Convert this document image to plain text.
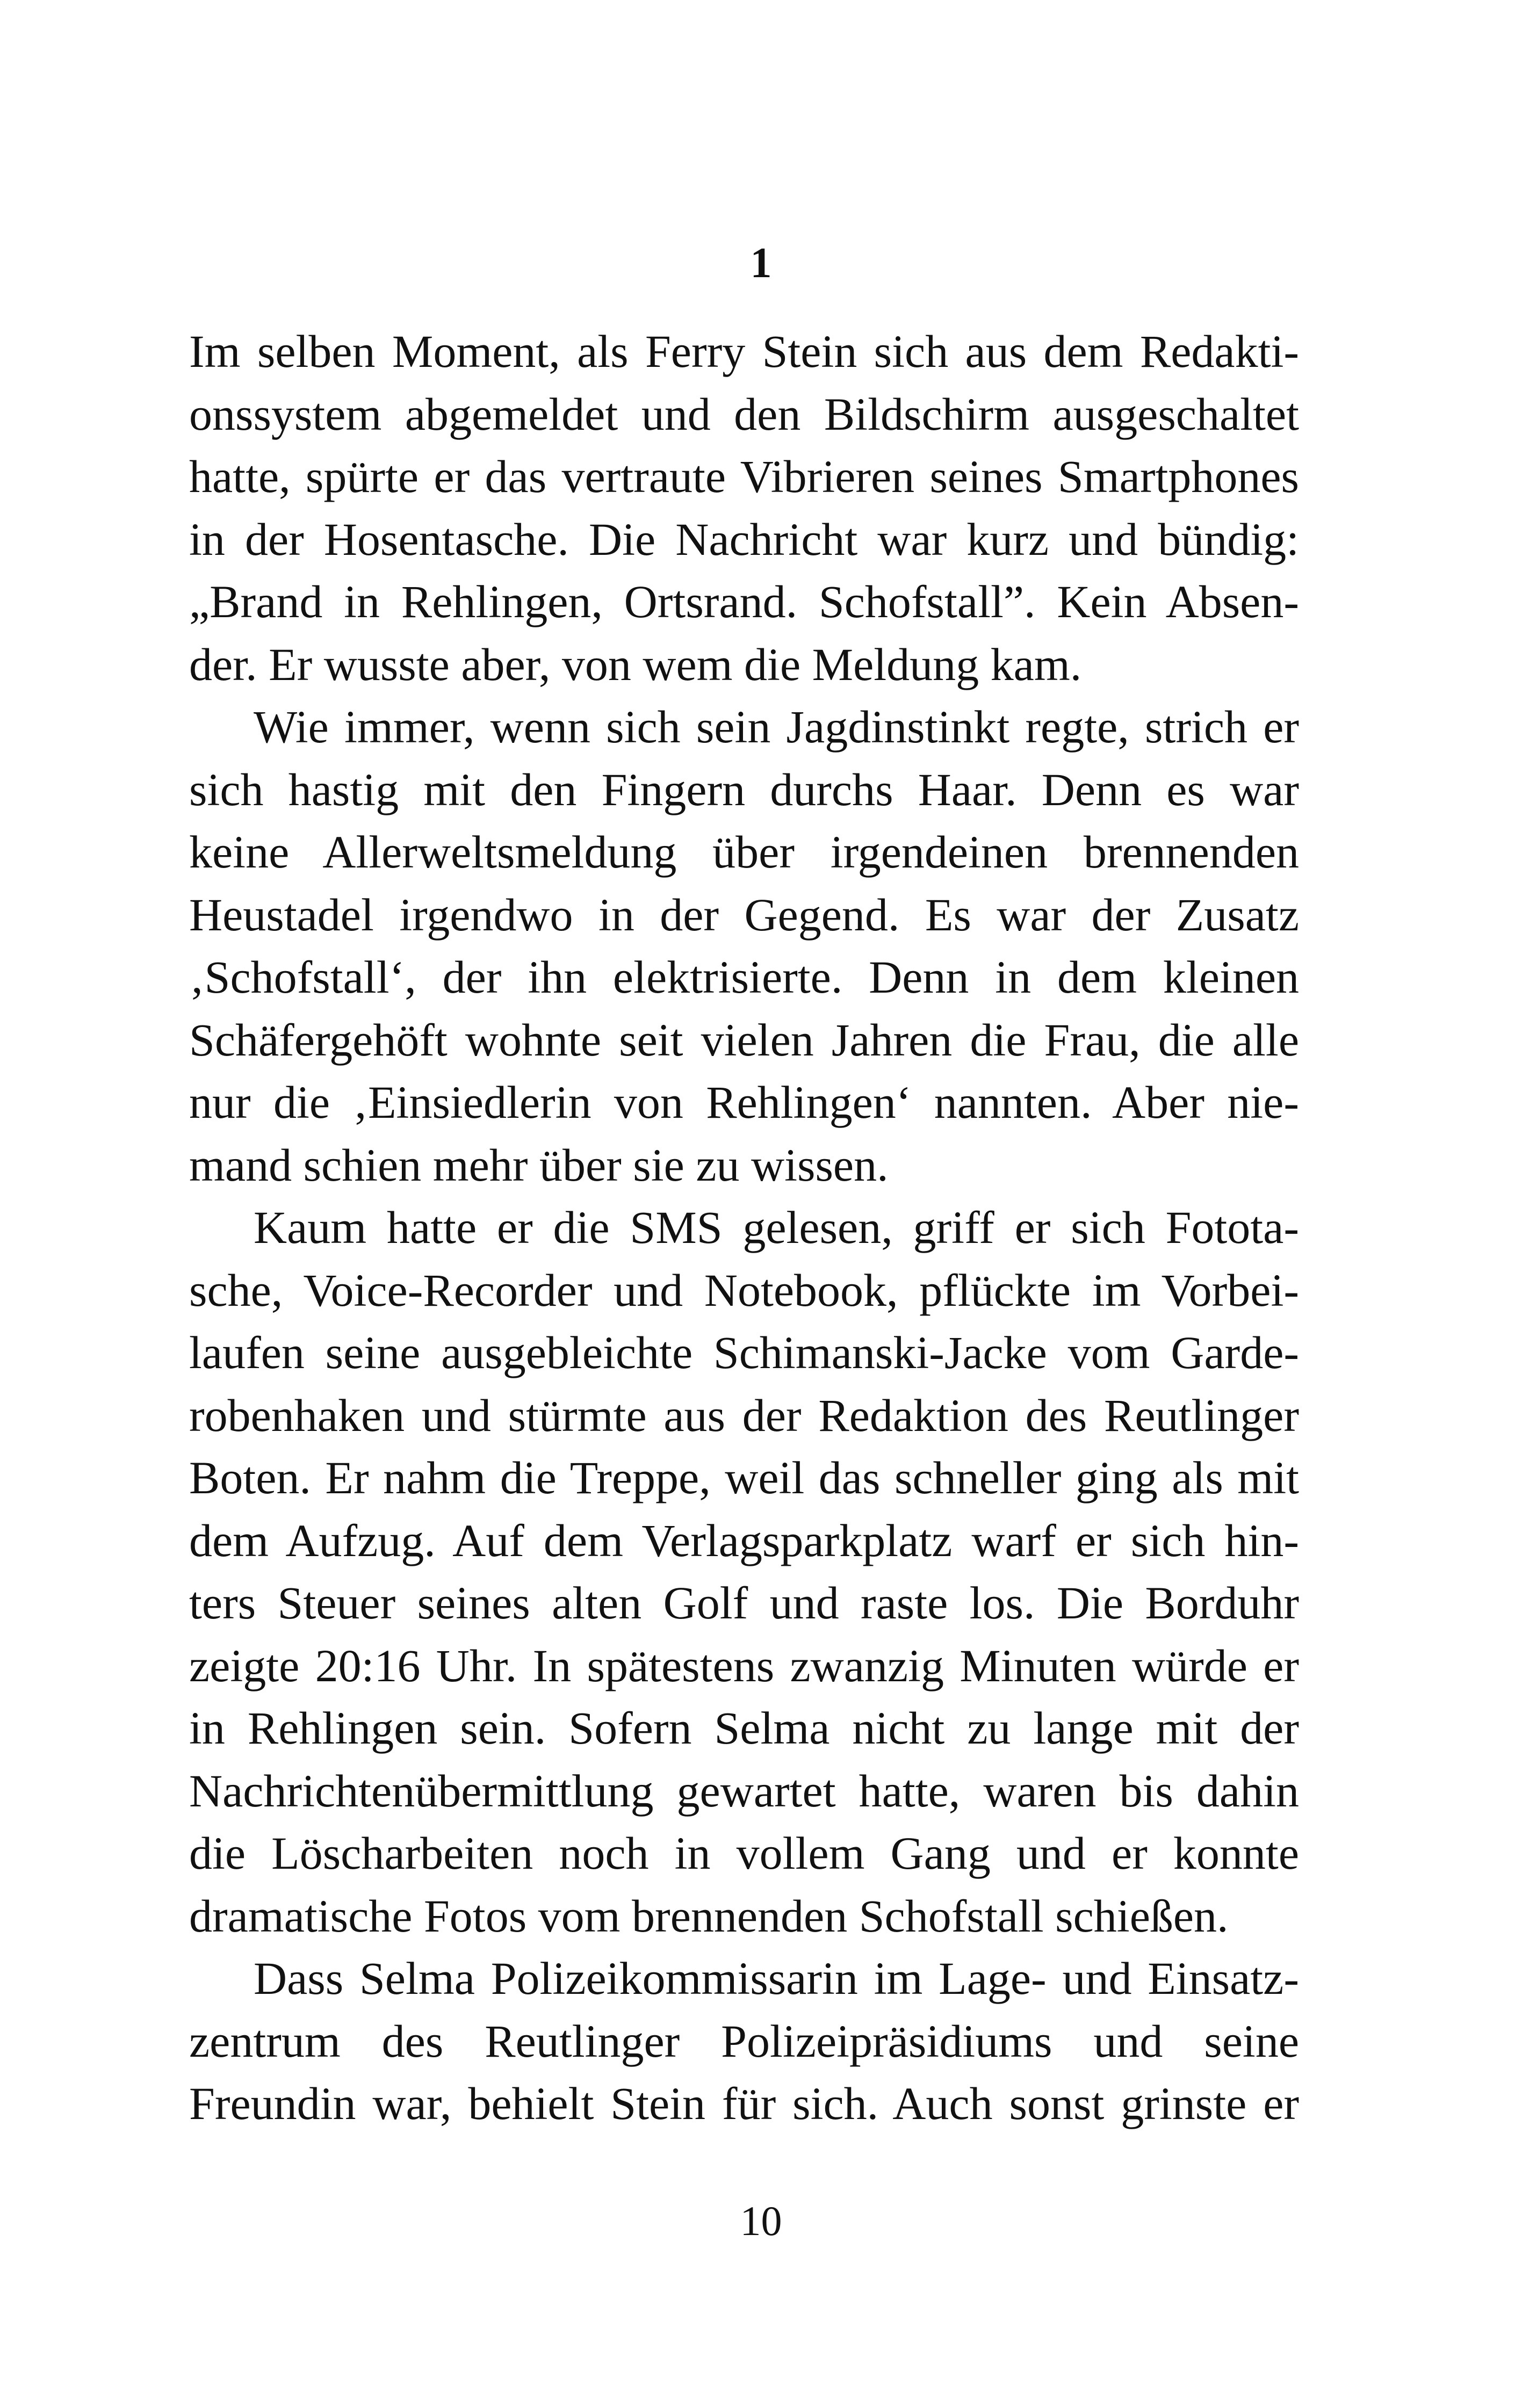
1
Im selben Moment, als Ferry Stein sich aus dem Redakti-
onssystem abgemeldet und den Bildschirm ausgeschaltet
hatte, spürte er das vertraute Vibrieren seines Smartphones
in der Hosentasche. Die Nachricht war kurz und bündig:
„Brand in Rehlingen, Ortsrand. Schofstall”. Kein Absen-
der. Er wusste aber, von wem die Meldung kam.
Wie immer, wenn sich sein Jagdinstinkt regte, strich er
sich hastig mit den Fingern durchs Haar. Denn es war
keine Allerweltsmeldung über irgendeinen brennenden
Heustadel irgendwo in der Gegend. Es war der Zusatz
‚Schofstall‘, der ihn elektrisierte. Denn in dem kleinen
Schäfergehöft wohnte seit vielen Jahren die Frau, die alle
nur die ‚Einsiedlerin von Rehlingen‘ nannten. Aber nie-
mand schien mehr über sie zu wissen.
Kaum hatte er die SMS gelesen, griff er sich Fotota-
sche, Voice-Recorder und Notebook, pflückte im Vorbei-
laufen seine ausgebleichte Schimanski-Jacke vom Garde-
robenhaken und stürmte aus der Redaktion des Reutlinger
Boten. Er nahm die Treppe, weil das schneller ging als mit
dem Aufzug. Auf dem Verlagsparkplatz warf er sich hin-
ters Steuer seines alten Golf und raste los. Die Borduhr
zeigte 20:16 Uhr. In spätestens zwanzig Minuten würde er
in Rehlingen sein. Sofern Selma nicht zu lange mit der
Nachrichtenübermittlung gewartet hatte, waren bis dahin
die Löscharbeiten noch in vollem Gang und er konnte
dramatische Fotos vom brennenden Schofstall schießen.
Dass Selma Polizeikommissarin im Lage- und Einsatz-
zentrum des Reutlinger Polizeipräsidiums und seine
Freundin war, behielt Stein für sich. Auch sonst grinste er

10
